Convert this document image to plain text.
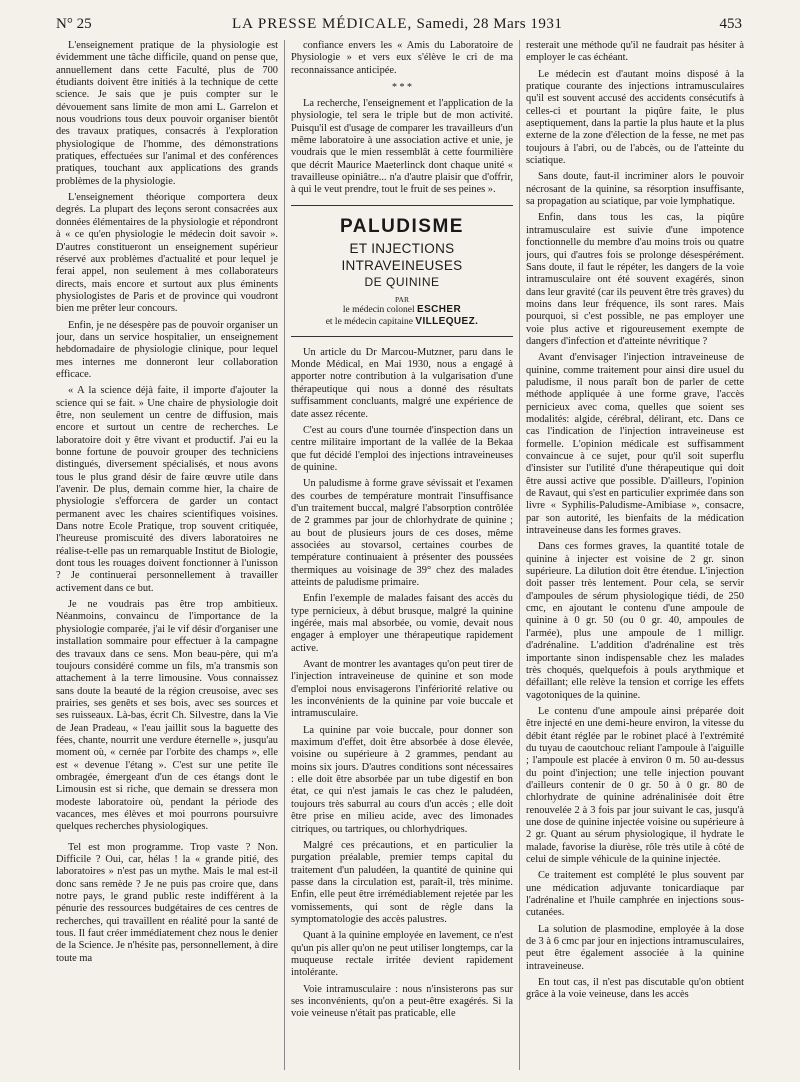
N° 25	LA PRESSE MÉDICALE, Samedi, 28 Mars 1931	453

L'enseignement pratique de la physiologie est évidemment une tâche difficile, quand on pense que, annuellement dans cette Faculté, plus de 700 étudiants doivent être initiés à la technique de cette science. Je sais que je puis compter sur le dévouement sans limite de mon ami L. Garrelon et nous voudrions tous deux pouvoir organiser bientôt des travaux pratiques, consacrés à l'exploration physiologique de l'homme, des démonstrations pratiques, effectuées sur l'animal et des conférences pratiques, touchant aux applications des grands problèmes de la physiologie.

L'enseignement théorique comportera deux degrés. La plupart des leçons seront consacrées aux données élémentaires de la physiologie et répondront à « ce qu'en physiologie le médecin doit savoir ». D'autres constitueront un enseignement supérieur réservé aux problèmes d'actualité et pour lequel je ferai appel, non seulement à mes collaborateurs directs, mais encore et surtout aux plus éminents physiologistes de Paris et de province qui voudront bien me prêter leur concours.

Enfin, je ne désespère pas de pouvoir organiser un jour, dans un service hospitalier, un enseignement hebdomadaire de physiologie clinique, pour lequel mes internes me donneront leur collaboration efficace.

« A la science déjà faite, il importe d'ajouter la science qui se fait. » Une chaire de physiologie doit être, non seulement un centre de diffusion, mais encore et surtout un centre de recherches. Le laboratoire doit y être vivant et productif. J'ai eu la bonne fortune de pouvoir grouper des techniciens distingués, diversement spécialisés, et nous avons tous le plus grand désir de faire œuvre utile dans l'avenir. De plus, demain comme hier, la chaire de physiologie s'efforcera de garder un contact permanent avec les chaires scientifiques voisines. Dans notre Ecole Pratique, trop souvent critiquée, l'heureuse promiscuité des divers laboratoires ne réalise-t-elle pas un remarquable Institut de Biologie, dont tous les rouages doivent fonctionner à l'unisson ? Je continuerai personnellement à travailler activement dans ce but.

Je ne voudrais pas être trop ambitieux. Néanmoins, convaincu de l'importance de la physiologie comparée, j'ai le vif désir d'organiser une installation sommaire pour effectuer à la campagne des travaux dans ce sens. Mon beau-père, qui m'a toujours considéré comme un fils, m'a transmis son attachement à la terre limousine. Vous connaissez sans doute la beauté de la région creusoise, avec ses prairies, ses genêts et ses bois, avec ses sources et ses ruisseaux. Là-bas, écrit Ch. Silvestre, dans la Vie de Jean Pradeau, « l'eau jaillit sous la baguette des fées, chante, nourrit une verdure éternelle », jusqu'au moment où, « cernée par l'orbite des champs », elle est « devenue l'étang ». C'est sur une petite île ombragée, émergeant d'un de ces étangs dont le Limousin est si riche, que demain se dressera mon modeste laboratoire où, pendant la période des vacances, mes élèves et moi pourrons poursuivre quelques recherches physiologiques.

Tel est mon programme. Trop vaste ? Non. Difficile ? Oui, car, hélas ! la « grande pitié, des laboratoires » n'est pas un mythe. Mais le mal est-il donc sans remède ? Je ne puis pas croire que, dans notre pays, le grand public reste indifférent à la pénurie des ressources budgétaires de ces centres de recherches, qui travaillent en réalité pour la santé de tous. Il faut créer immédiatement chez nous le denier de la Science. Je n'hésite pas, personnellement, à dire toute ma

confiance envers les « Amis du Laboratoire de Physiologie » et vers eux s'élève le cri de ma reconnaissance anticipée.

* * *

La recherche, l'enseignement et l'application de la physiologie, tel sera le triple but de mon activité. Puisqu'il est d'usage de comparer les travailleurs d'un même laboratoire à une association active et unie, je voudrais que le mien ressemblât à cette fourmilière que décrit Maurice Maeterlinck dont chaque unité « travailleuse opiniâtre... n'a d'autre plaisir que d'offrir, à qui le veut prendre, tout le fruit de ses peines ».

PALUDISME
ET INJECTIONS INTRAVEINEUSES
DE QUININE
PAR
le médecin colonel ESCHER
et le médecin capitaine VILLEQUEZ.

Un article du Dr Marcou-Mutzner, paru dans le Monde Médical, en Mai 1930, nous a engagé à apporter notre contribution à la vulgarisation d'une thérapeutique qui nous a donné des résultats suffisamment concluants, malgré une expérience de date assez récente.

C'est au cours d'une tournée d'inspection dans un centre militaire important de la vallée de la Bekaa que fut décidé l'emploi des injections intraveineuses de quinine.

Un paludisme à forme grave sévissait et l'examen des courbes de température montrait l'insuffisance d'un traitement buccal, malgré l'absorption contrôlée de 2 grammes par jour de chlorhydrate de quinine ; au bout de plusieurs jours de ces doses, même associées au stovarsol, certaines courbes de température continuaient à présenter des poussées thermiques au voisinage de 39° chez des malades atteints de paludisme primaire.

Enfin l'exemple de malades faisant des accès du type pernicieux, à début brusque, malgré la quinine ingérée, mais mal absorbée, ou vomie, devait nous engager à employer une thérapeutique rapidement active.

Avant de montrer les avantages qu'on peut tirer de l'injection intraveineuse de quinine et son mode d'emploi nous envisagerons l'infériorité relative ou les inconvénients de la quinine par voie buccale et intramusculaire.

La quinine par voie buccale, pour donner son maximum d'effet, doit être absorbée à dose élevée, voisine ou supérieure à 2 grammes, pendant au moins six jours. D'autres conditions sont nécessaires : elle doit être absorbée par un tube digestif en bon état, ce qui n'est jamais le cas chez le paludéen, toujours très saburral au cours d'un accès ; elle doit être prise en milieu acide, avec des limonades citriques, ou tartriques, ou chlorhydriques.

Malgré ces précautions, et en particulier la purgation préalable, premier temps capital du traitement d'un paludéen, la quantité de quinine qui passe dans la circulation est, paraît-il, très minime. Enfin, elle peut être irrémédiablement rejetée par les vomissements, qui sont de règle dans la symptomatologie des accès palustres.

Quant à la quinine employée en lavement, ce n'est qu'un pis aller qu'on ne peut utiliser longtemps, car la muqueuse rectale irritée devient rapidement intolérante.

Voie intramusculaire : nous n'insisterons pas sur ses inconvénients, qu'on a peut-être exagérés. Si la voie veineuse n'était pas praticable, elle

resterait une méthode qu'il ne faudrait pas hésiter à employer le cas échéant.

Le médecin est d'autant moins disposé à la pratique courante des injections intramusculaires qu'il est souvent accusé des accidents consécutifs à celles-ci et pourtant la piqûre faite, le plus aseptiquement, dans la partie la plus haute et la plus externe de la zone d'élection de la fesse, ne met pas toujours à l'abri, ou de l'abcès, ou de l'atteinte du sciatique.

Sans doute, faut-il incriminer alors le pouvoir nécrosant de la quinine, sa résorption insuffisante, sa propagation au sciatique, par voie lymphatique.

Enfin, dans tous les cas, la piqûre intramusculaire est suivie d'une impotence fonctionnelle du membre d'au moins trois ou quatre jours, qui d'autres fois se prolonge désespérément. Sans doute, il faut le répéter, les dangers de la voie intramusculaire ont été souvent exagérés, sinon dans leur gravité (car ils peuvent être très graves) du moins dans leur fréquence, ils sont rares. Mais pourquoi, si c'est possible, ne pas employer une voie plus active et rigoureusement exempte de dangers d'infection et d'atteinte névritique ?

Avant d'envisager l'injection intraveineuse de quinine, comme traitement pour ainsi dire usuel du paludisme, il nous paraît bon de parler de cette méthode appliquée à une forme grave, l'accès pernicieux avec coma, quelles que soient ses modalités: algide, cérébral, délirant, etc. Dans ce cas l'indication de l'injection intraveineuse est formelle. L'opinion médicale est suffisamment convaincue à ce sujet, pour qu'il soit superflu d'insister sur l'utilité d'une thérapeutique qui doit être aussi active que possible. D'ailleurs, l'opinion de Ravaut, qui s'est en particulier exprimée dans son livre « Syphilis-Paludisme-Amibiase », consacre, par son autorité, les bienfaits de la médication intraveineuse dans les formes graves.

Dans ces formes graves, la quantité totale de quinine à injecter est voisine de 2 gr. sinon supérieure. La dilution doit être étendue. L'injection doit passer très lentement. Pour cela, se servir d'ampoules de sérum physiologique tiédi, de 250 cmc, en ajoutant le contenu d'une ampoule de quinine à 0 gr. 50 (ou 0 gr. 40, ampoules de l'armée), plus une ampoule de 1 milligr. d'adrénaline. L'addition d'adrénaline est très importante sinon indispensable chez les malades très choqués, quelquefois à pouls arythmique et défaillant; elle relève la tension et corrige les effets vagotoniques de la quinine.

Le contenu d'une ampoule ainsi préparée doit être injecté en une demi-heure environ, la vitesse du débit étant réglée par le robinet placé à l'extrémité du tuyau de caoutchouc reliant l'ampoule à l'aiguille ; l'ampoule est placée à environ 0 m. 50 au-dessus du point d'injection; une telle injection pouvant d'ailleurs contenir de 0 gr. 50 à 0 gr. 80 de chlorhydrate de quinine adrénalinisée doit être renouvelée 2 à 3 fois par jour suivant le cas, jusqu'à une dose de quinine injectée voisine ou supérieure à 2 gr. Quant au sérum physiologique, il hydrate le malade, favorise la diurèse, rôle très utile à côté de celui de simple véhicule de la quinine injectée.

Ce traitement est complété le plus souvent par une médication adjuvante tonicardiaque par l'adrénaline et l'huile camphrée en injections sous-cutanées.

La solution de plasmodine, employée à la dose de 3 à 6 cmc par jour en injections intramusculaires, peut être également associée à la quinine intraveineuse.

En tout cas, il n'est pas discutable qu'on obtient grâce à la voie veineuse, dans les accès
